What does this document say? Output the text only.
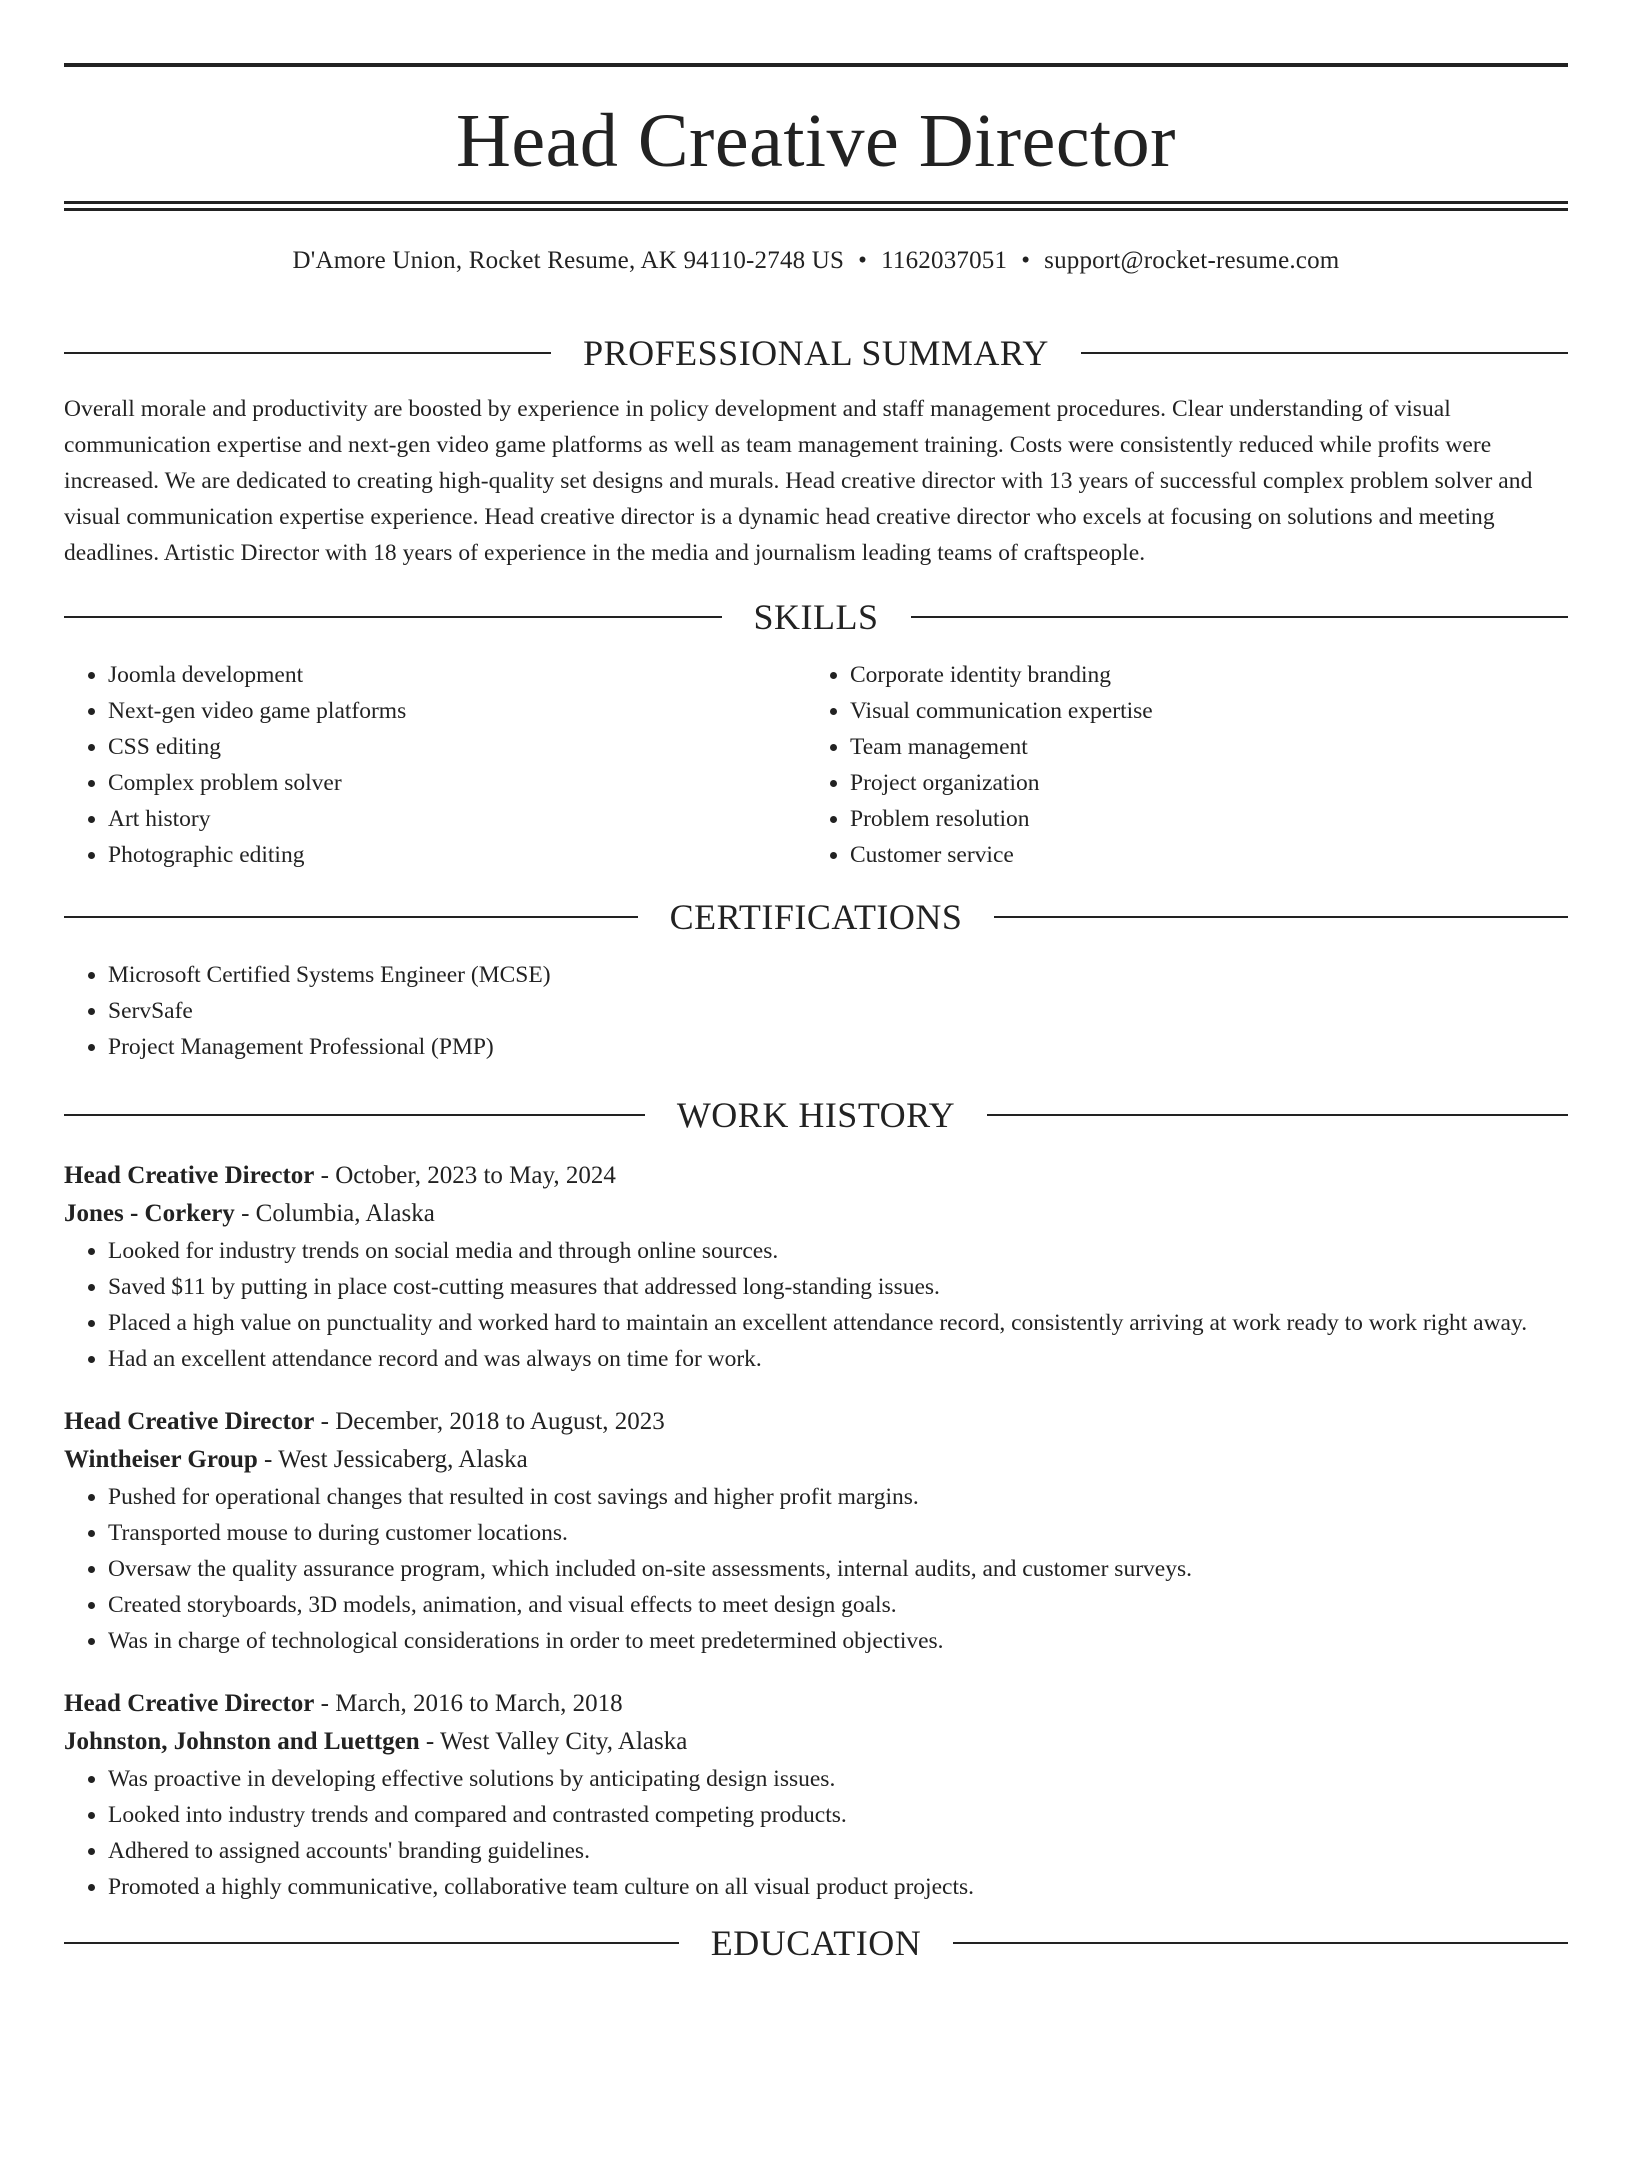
Head Creative Director
D'Amore Union, Rocket Resume, AK 94110-2748 US • 1162037051 • support@rocket-resume.com
PROFESSIONAL SUMMARY

Overall morale and productivity are boosted by experience in policy development and staff management procedures. Clear understanding of visual communication expertise and next-gen video game platforms as well as team management training. Costs were consistently reduced while profits were increased. We are dedicated to creating high-quality set designs and murals. Head creative director with 13 years of successful complex problem solver and visual communication expertise experience. Head creative director is a dynamic head creative director who excels at focusing on solutions and meeting deadlines. Artistic Director with 18 years of experience in the media and journalism leading teams of craftspeople.

SKILLS
• Joomla development
• Next-gen video game platforms
• CSS editing
• Complex problem solver
• Art history
• Photographic editing
• Corporate identity branding
• Visual communication expertise
• Team management
• Project organization
• Problem resolution
• Customer service
CERTIFICATIONS
• Microsoft Certified Systems Engineer (MCSE)
• ServSafe
• Project Management Professional (PMP)
WORK HISTORY
Head Creative Director - October, 2023 to May, 2024
Jones - Corkery - Columbia, Alaska
• Looked for industry trends on social media and through online sources.
• Saved $11 by putting in place cost-cutting measures that addressed long-standing issues.
• Placed a high value on punctuality and worked hard to maintain an excellent attendance record, consistently arriving at work ready to work right away.
• Had an excellent attendance record and was always on time for work.
Head Creative Director - December, 2018 to August, 2023
Wintheiser Group - West Jessicaberg, Alaska
• Pushed for operational changes that resulted in cost savings and higher profit margins.
• Transported mouse to during customer locations.
• Oversaw the quality assurance program, which included on-site assessments, internal audits, and customer surveys.
• Created storyboards, 3D models, animation, and visual effects to meet design goals.
• Was in charge of technological considerations in order to meet predetermined objectives.
Head Creative Director - March, 2016 to March, 2018
Johnston, Johnston and Luettgen - West Valley City, Alaska
• Was proactive in developing effective solutions by anticipating design issues.
• Looked into industry trends and compared and contrasted competing products.
• Adhered to assigned accounts' branding guidelines.
• Promoted a highly communicative, collaborative team culture on all visual product projects.
EDUCATION
